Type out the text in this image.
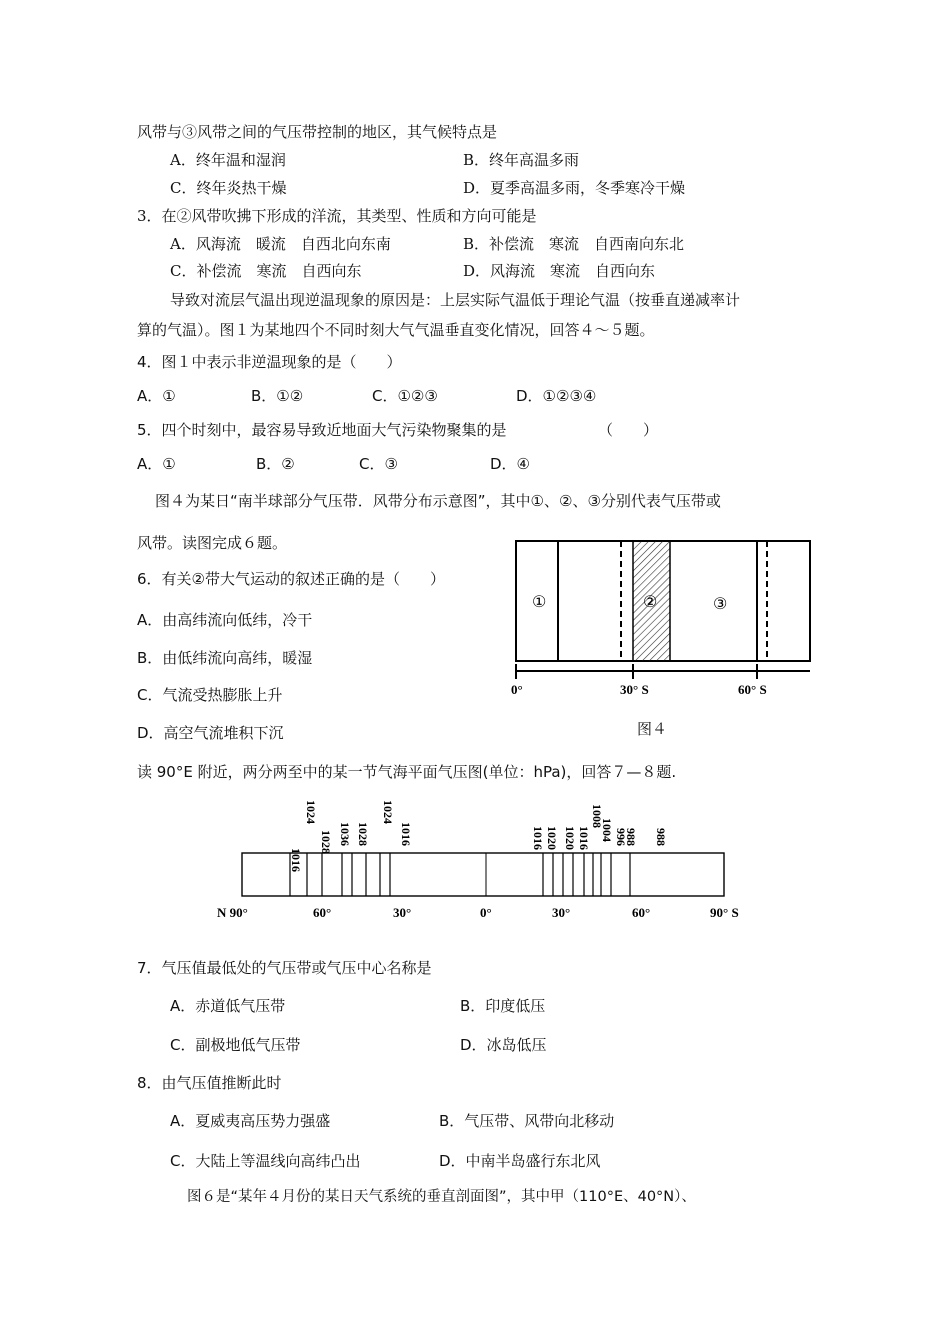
风带与③风带之间的气压带控制的地区，其气候特点是
A．终年温和湿润	B．终年高温多雨
C．终年炎热干燥	D．夏季高温多雨，冬季寒冷干燥
3．在②风带吹拂下形成的洋流，其类型、性质和方向可能是
A．风海流　暖流　自西北向东南	B．补偿流　寒流　自西南向东北
C．补偿流　寒流　自西向东	D．风海流　寒流　自西向东
导致对流层气温出现逆温现象的原因是：上层实际气温低于理论气温（按垂直递减率计
算的气温）。图１为某地四个不同时刻大气气温垂直变化情况，回答４～５题。
4．图１中表示非逆温现象的是（　　）
A．①	B．①②	C．①②③	D．①②③④
5．四个时刻中，最容易导致近地面大气污染物聚集的是	（　　）
A．①	B．②	C．③	D．④
图４为某日“南半球部分气压带．风带分布示意图”，其中①、②、③分别代表气压带或
风带。读图完成６题。
6．有关②带大气运动的叙述正确的是（　　）
A．由高纬流向低纬，冷干
B．由低纬流向高纬，暖湿
C．气流受热膨胀上升
D．高空气流堆积下沉
①	②	③
0°	30° S	60° S
图４
读 90°E 附近，两分两至中的某一节气海平面气压图(单位：hPa)，回答７—８题.
1016
1024
1028 1036 1028
1024
1016	1016 1020 1020 1016
1008
1004 996
988 988
N 90°	60°	30°	0°	30°	60°	90° S
7．气压值最低处的气压带或气压中心名称是
A．赤道低气压带	B．印度低压
C．副极地低气压带	D．冰岛低压
8．由气压值推断此时
A．夏威夷高压势力强盛	B．气压带、风带向北移动
C．大陆上等温线向高纬凸出	D．中南半岛盛行东北风
图６是“某年４月份的某日天气系统的垂直剖面图”，其中甲（110°E、40°N）、
